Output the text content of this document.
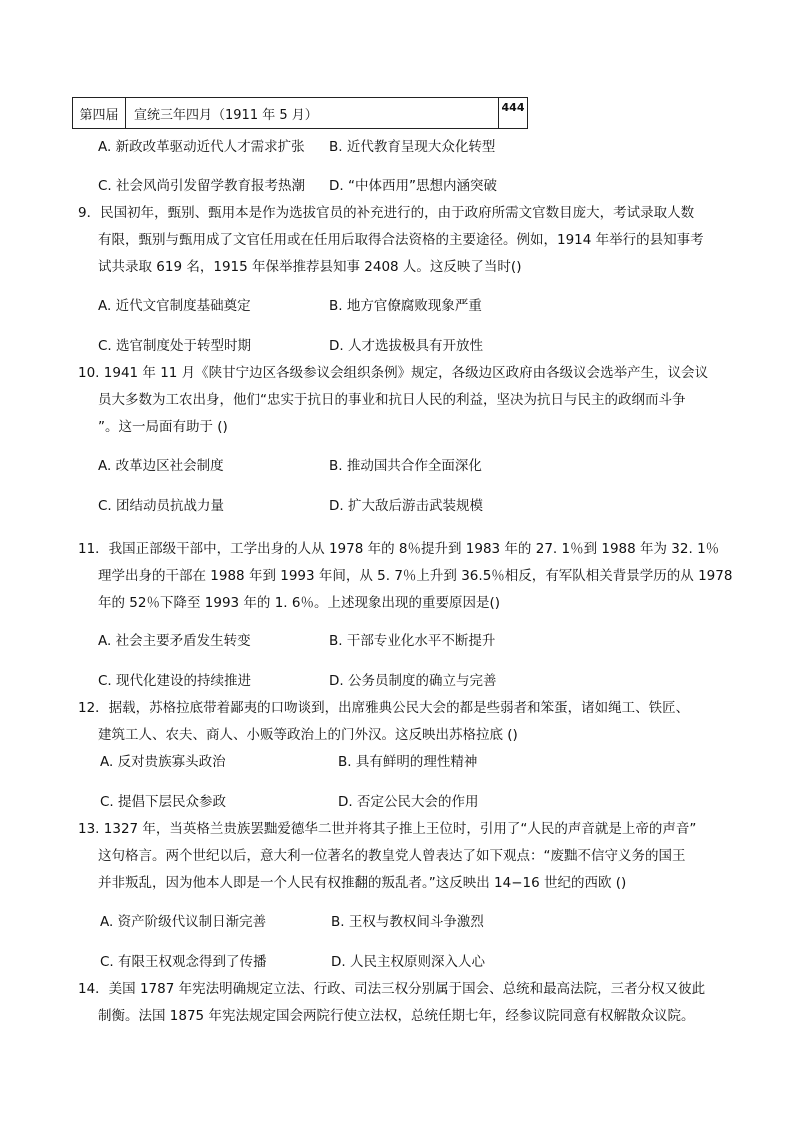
第四届	宣统三年四月（1911 年 5 月）	444
A. 新政改革驱动近代人才需求扩张 B. 近代教育呈现大众化转型
C. 社会风尚引发留学教育报考热潮 D. “中体西用”思想内涵突破
9．民国初年，甄别、甄用本是作为选拔官员的补充进行的，由于政府所需文官数目庞大，考试录取人数
有限，甄别与甄用成了文官任用或在任用后取得合法资格的主要途径。例如，1914 年举行的县知事考
试共录取 619 名，1915 年保举推荐县知事 2408 人。这反映了当时()
A. 近代文官制度基础奠定	B. 地方官僚腐败现象严重
C. 选官制度处于转型时期	D. 人才选拔极具有开放性
10. 1941 年 11 月《陕甘宁边区各级参议会组织条例》规定，各级边区政府由各级议会选举产生，议会议
员大多数为工农出身，他们“忠实于抗日的事业和抗日人民的利益，坚决为抗日与民主的政纲而斗争
”。这一局面有助于 ()
A. 改革边区社会制度	B. 推动国共合作全面深化
C. 团结动员抗战力量	D. 扩大敌后游击武装规模
11．我国正部级干部中，工学出身的人从 1978 年的 8％提升到 1983 年的 27. 1％到 1988 年为 32. 1％
理学出身的干部在 1988 年到 1993 年间，从 5. 7％上升到 36.5％相反，有军队相关背景学历的从 1978
年的 52％下降至 1993 年的 1. 6％。上述现象出现的重要原因是()
A. 社会主要矛盾发生转变	B. 干部专业化水平不断提升
C. 现代化建设的持续推进	D. 公务员制度的确立与完善
12．据载，苏格拉底带着鄙夷的口吻谈到，出席雅典公民大会的都是些弱者和笨蛋，诸如绳工、铁匠、
建筑工人、农夫、商人、小贩等政治上的门外汉。这反映出苏格拉底 ()
A. 反对贵族寡头政治	B. 具有鲜明的理性精神
C. 提倡下层民众参政	D. 否定公民大会的作用
13. 1327 年，当英格兰贵族罢黜爱德华二世并将其子推上王位时，引用了“人民的声音就是上帝的声音”
这句格言。两个世纪以后，意大利一位著名的教皇党人曾表达了如下观点：“废黜不信守义务的国王
并非叛乱，因为他本人即是一个人民有权推翻的叛乱者。”这反映出 14−16 世纪的西欧 ()
A. 资产阶级代议制日渐完善	B. 王权与教权间斗争激烈
C. 有限王权观念得到了传播	D. 人民主权原则深入人心
14．美国 1787 年宪法明确规定立法、行政、司法三权分别属于国会、总统和最高法院，三者分权又彼此
制衡。法国 1875 年宪法规定国会两院行使立法权，总统任期七年，经参议院同意有权解散众议院。
